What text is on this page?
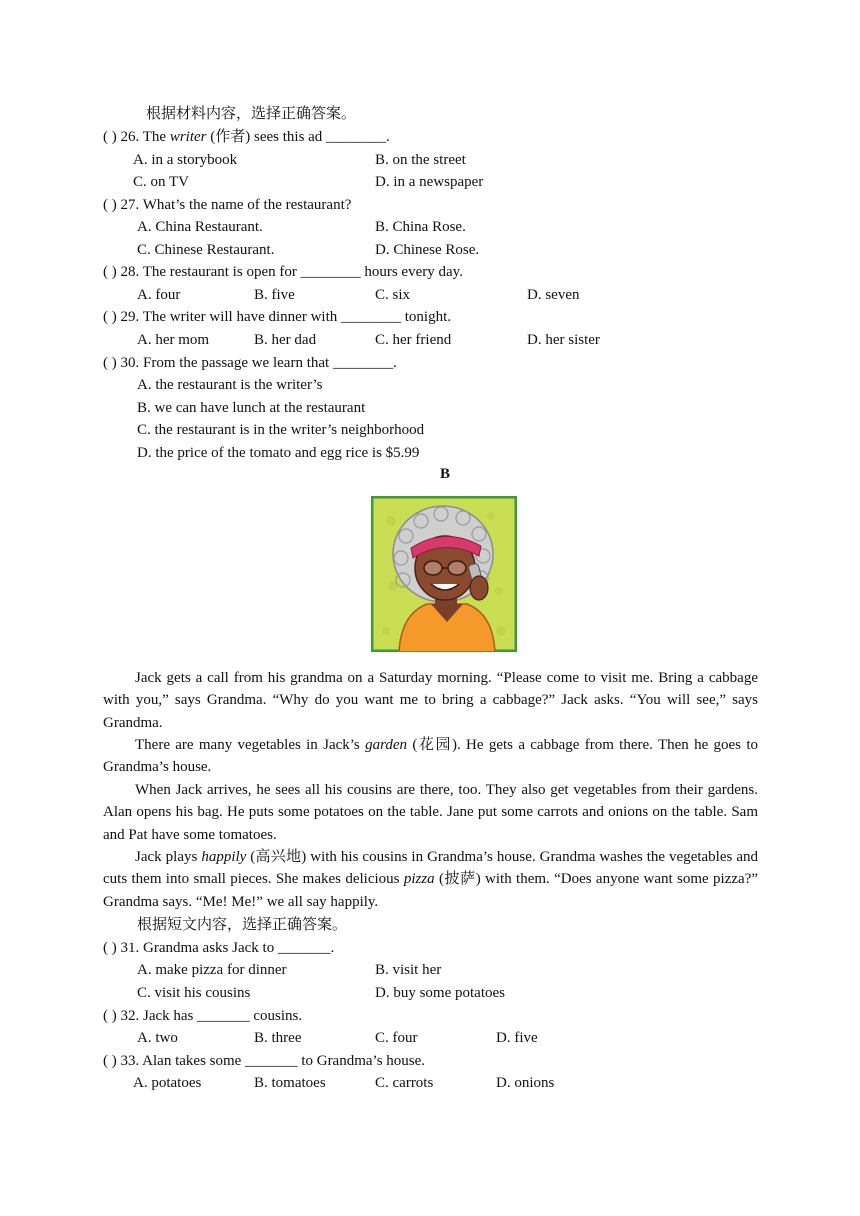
根据材料内容，选择正确答案。
( ) 26. The writer (作者) sees this ad ________.
A. in a storybook	B. on the street
C. on TV	D. in a newspaper
( ) 27. What’s the name of the restaurant?
A. China Restaurant.	B. China Rose.
C. Chinese Restaurant.	D. Chinese Rose.
( ) 28. The restaurant is open for ________ hours every day.
A. four	B. five	C. six	D. seven
( ) 29. The writer will have dinner with ________ tonight.
A. her mom	B. her dad	C. her friend	D. her sister
( ) 30. From the passage we learn that ________.
A. the restaurant is the writer’s
B. we can have lunch at the restaurant
C. the restaurant is in the writer’s neighborhood
D. the price of the tomato and egg rice is $5.99
B
Jack gets a call from his grandma on a Saturday morning. “Please come to visit me. Bring a cabbage with you,” says Grandma. “Why do you want me to bring a cabbage?” Jack asks. “You will see,” says Grandma.
There are many vegetables in Jack’s garden (花园). He gets a cabbage from there. Then he goes to Grandma’s house.
When Jack arrives, he sees all his cousins are there, too. They also get vegetables from their gardens. Alan opens his bag. He puts some potatoes on the table. Jane put some carrots and onions on the table. Sam and Pat have some tomatoes.
Jack plays happily (高兴地) with his cousins in Grandma’s house. Grandma washes the vegetables and cuts them into small pieces. She makes delicious pizza (披萨) with them. “Does anyone want some pizza?” Grandma says. “Me! Me!” we all say happily.
根据短文内容，选择正确答案。
( ) 31. Grandma asks Jack to _______.
A. make pizza for dinner	B. visit her
C. visit his cousins	D. buy some potatoes
( ) 32. Jack has _______ cousins.
A. two	B. three	C. four	D. five
( ) 33. Alan takes some _______ to Grandma’s house.
A. potatoes	B. tomatoes	C. carrots	D. onions
